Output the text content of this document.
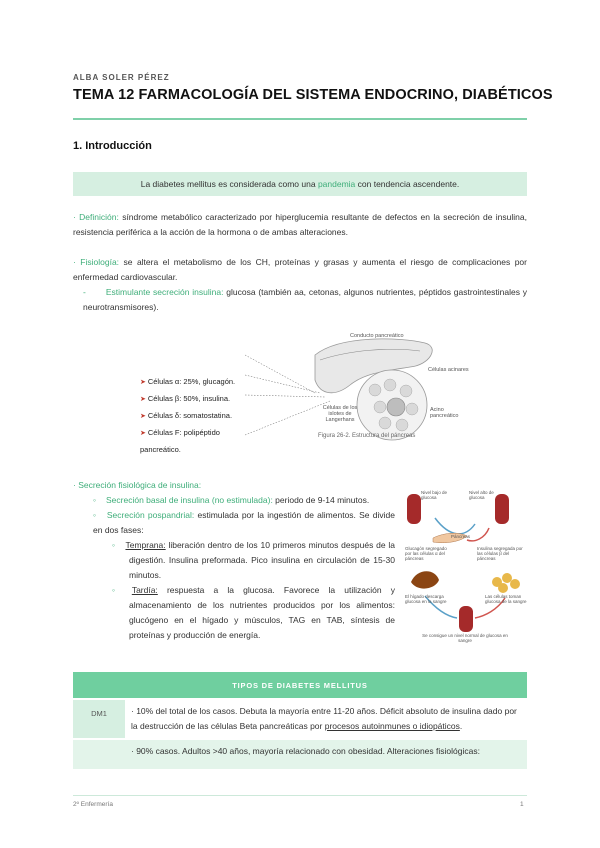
ALBA SOLER PÉREZ
TEMA 12 FARMACOLOGÍA DEL SISTEMA ENDOCRINO, DIABÉTICOS
1. Introducción
La diabetes mellitus es considerada como una
pandemia
con tendencia ascendente.
· Definición: síndrome metabólico caracterizado por hiperglucemia resultante de defectos en la secreción de insulina, resistencia periférica a la acción de la hormona o de ambas alteraciones.
· Fisiología: se altera el metabolismo de los CH, proteínas y grasas y aumenta el riesgo de complicaciones por enfermedad cardiovascular.
- Estimulante secreción insulina: glucosa (también aa, cetonas, algunos nutrientes, péptidos gastrointestinales y neurotransmisores).
Conducto pancreático
Células acinares
Células de los islotes de Langerhans
Acino pancreático
➤ Células α: 25%, glucagón.
➤ Células β: 50%, insulina.
➤ Células δ: somatostatina.
➤ Células F: polipéptido pancreático.
Figura 26-2. Estructura del páncreas
· Secreción fisiológica de insulina:
◦ Secreción basal de insulina (no estimulada): periodo de 9-14 minutos.
◦ Secreción pospandrial: estimulada por la ingestión de alimentos. Se divide en dos fases:
◦ Temprana: liberación dentro de los 10 primeros minutos después de la digestión. Insulina preformada. Pico insulina en circulación de 15-30 minutos.
◦ Tardía: respuesta a la glucosa. Favorece la utilización y almacenamiento de los nutrientes producidos por los alimentos: glucógeno en el hígado y músculos, TAG en TAB, síntesis de proteínas y producción de energía.
Nivel bajo de glucosa
Nivel alto de glucosa
Páncreas
Glucagón segregado por las células α del páncreas
Insulina segregada por las células β del páncreas
El hígado descarga glucosa en la sangre
Las células toman glucosa de la sangre
Se consigue un nivel normal de glucosa en sangre
TIPOS DE DIABETES MELLITUS	
DM1	· 10% del total de los casos. Debuta la mayoría entre 11-20 años. Déficit absoluto de insulina dado por la destrucción de las células Beta pancreáticas por procesos autoinmunes o idiopáticos.
	· 90% casos. Adultos >40 años, mayoría relacionado con obesidad. Alteraciones fisiológicas:
2º Enfermería	1
